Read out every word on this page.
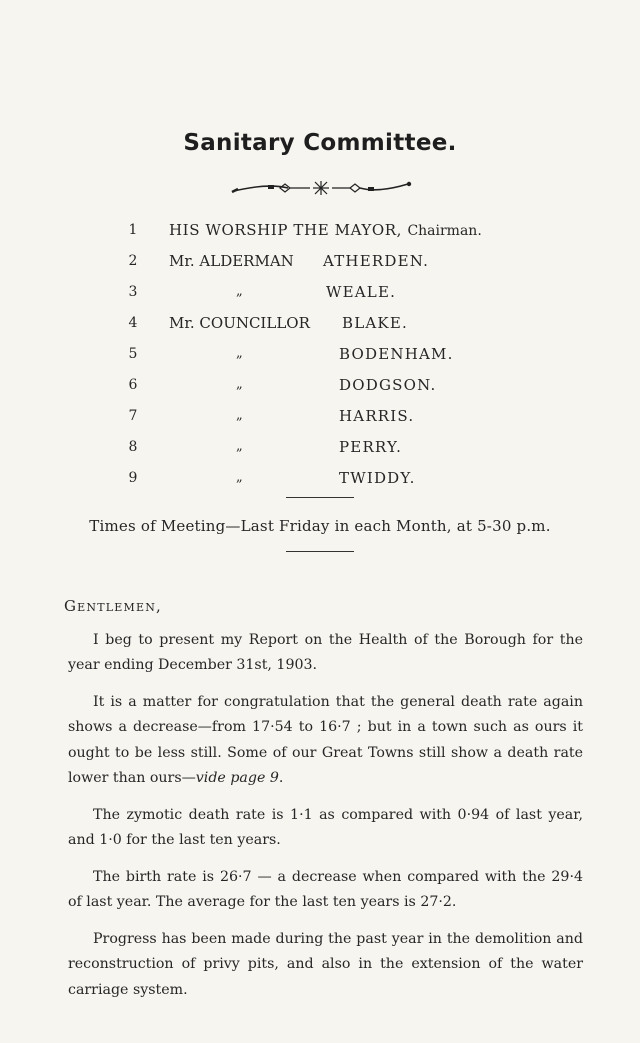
Sanitary Committee.
1 HIS WORSHIP THE MAYOR, Chairman.
2 Mr. ALDERMAN ATHERDEN.
3	„	WEALE.
4 Mr. COUNCILLOR BLAKE.
5	„	BODENHAM.
6	„	DODGSON.
7	„	HARRIS.
8	„	PERRY.
9	„	TWIDDY.
Times of Meeting—Last Friday in each Month, at 5-30 p.m.

Gentlemen,

I beg to present my Report on the Health of the Borough for the year ending December 31st, 1903.

It is a matter for congratulation that the general death rate again shows a decrease—from 17·54 to 16·7 ; but in a town such as ours it ought to be less still. Some of our Great Towns still show a death rate lower than ours—vide page 9.

The zymotic death rate is 1·1 as compared with 0·94 of last year, and 1·0 for the last ten years.

The birth rate is 26·7 — a decrease when compared with the 29·4 of last year. The average for the last ten years is 27·2.

Progress has been made during the past year in the demolition and reconstruction of privy pits, and also in the extension of the water carriage system.
